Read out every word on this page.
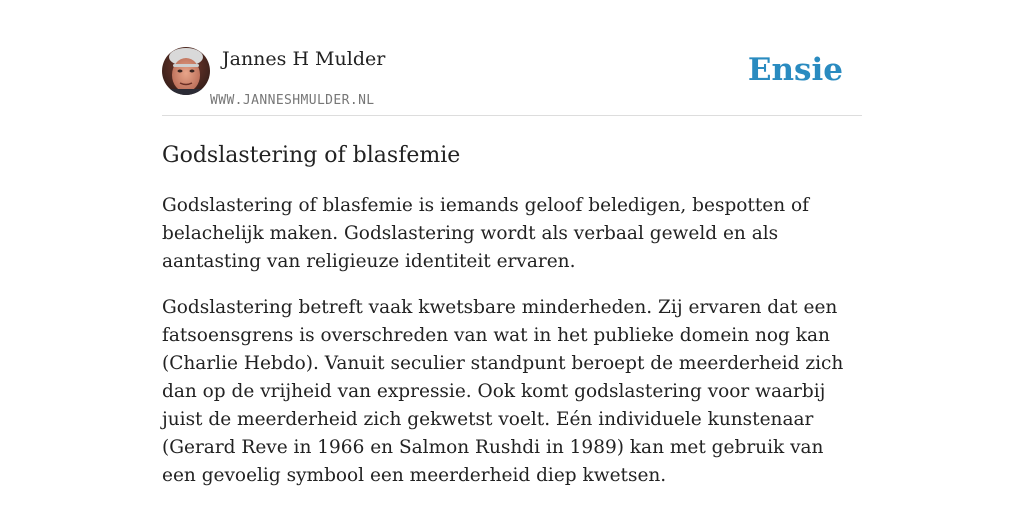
Jannes H Mulder
WWW.JANNESHMULDER.NL
Ensie
Godslastering of blasfemie

Godslastering of blasfemie is iemands geloof beledigen, bespotten of belachelijk maken. Godslastering wordt als verbaal geweld en als aantasting van religieuze identiteit ervaren.

Godslastering betreft vaak kwetsbare minderheden. Zij ervaren dat een fatsoensgrens is overschreden van wat in het publieke domein nog kan (Charlie Hebdo). Vanuit seculier standpunt beroept de meerderheid zich dan op de vrijheid van expressie. Ook komt godslastering voor waarbij juist de meerderheid zich gekwetst voelt. Eén individuele kunstenaar (Gerard Reve in 1966 en Salmon Rushdi in 1989) kan met gebruik van een gevoelig symbool een meerderheid diep kwetsen.
